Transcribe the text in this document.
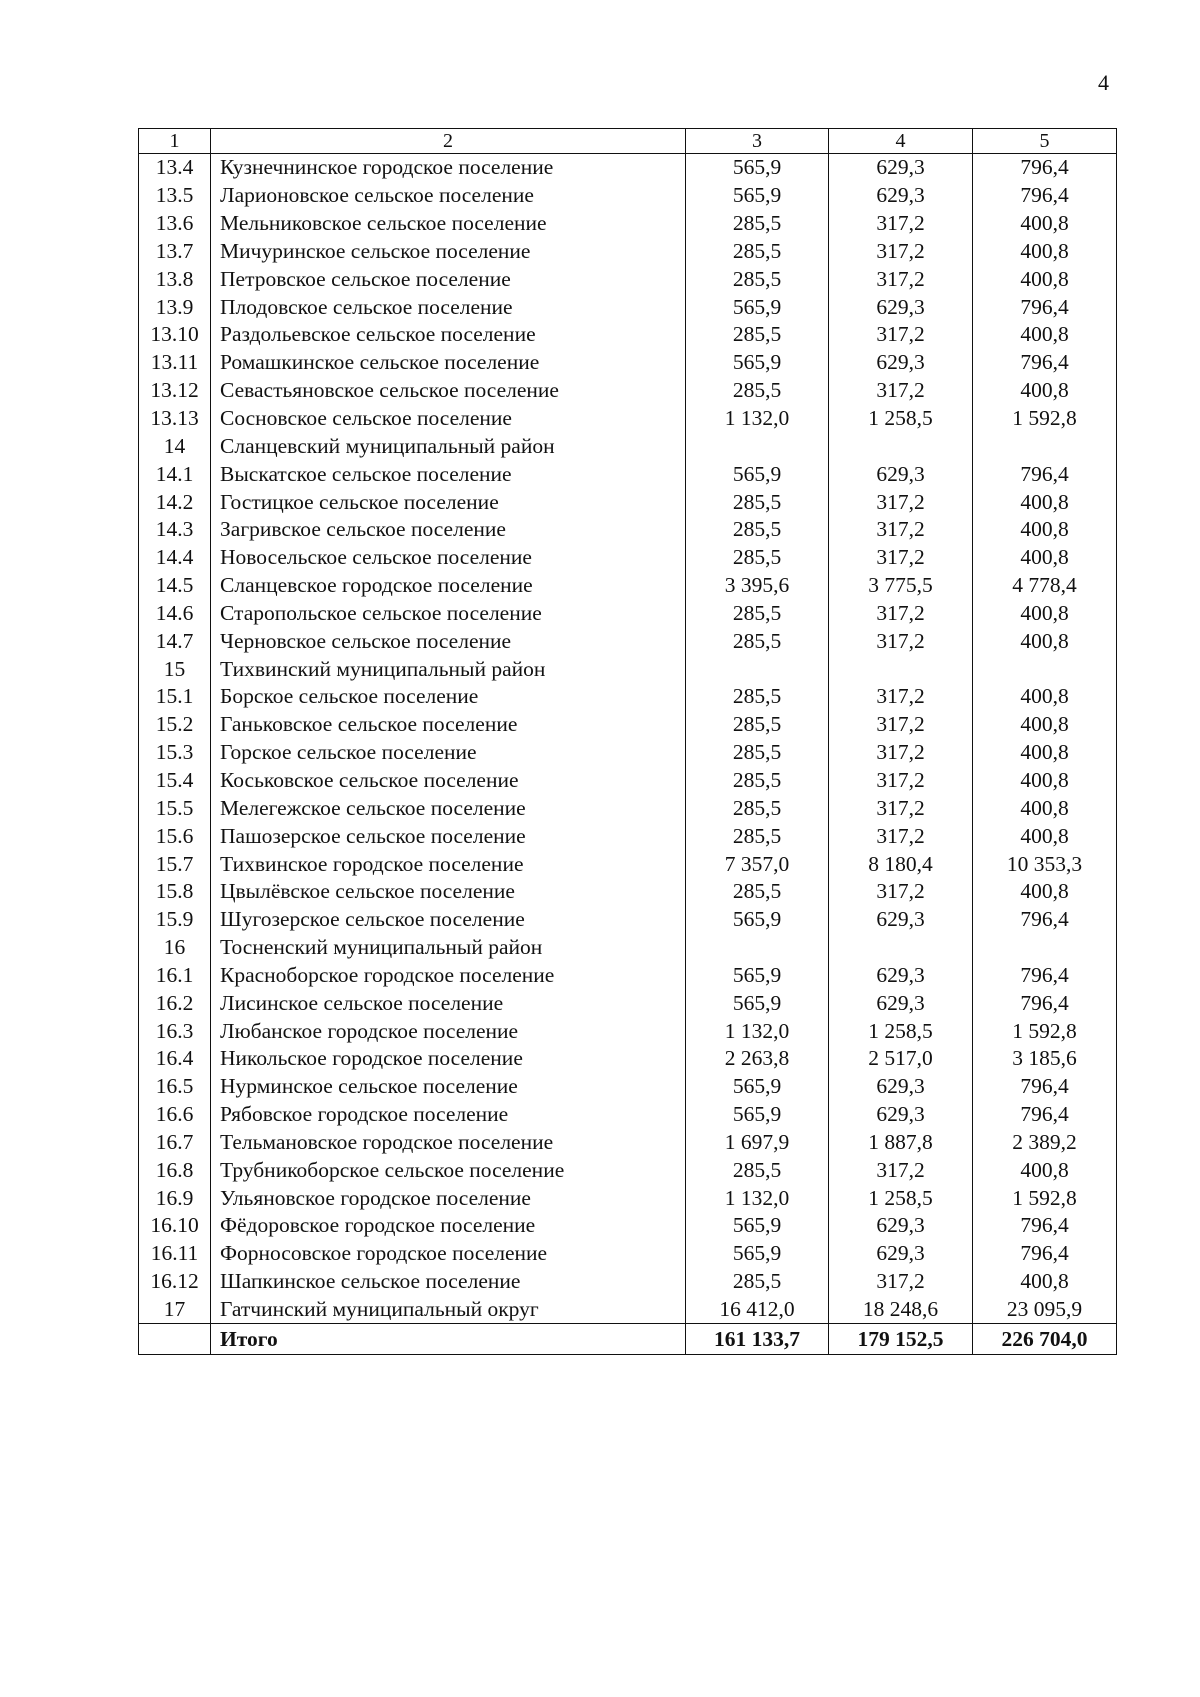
4
1	2	3	4	5
13.4	Кузнечнинское городское поселение	565,9	629,3	796,4
13.5	Ларионовское сельское поселение	565,9	629,3	796,4
13.6	Мельниковское сельское поселение	285,5	317,2	400,8
13.7	Мичуринское сельское поселение	285,5	317,2	400,8
13.8	Петровское сельское поселение	285,5	317,2	400,8
13.9	Плодовское сельское поселение	565,9	629,3	796,4
13.10	Раздольевское сельское поселение	285,5	317,2	400,8
13.11	Ромашкинское сельское поселение	565,9	629,3	796,4
13.12	Севастьяновское сельское поселение	285,5	317,2	400,8
13.13	Сосновское сельское поселение	1 132,0	1 258,5	1 592,8
14	Сланцевский муниципальный район			
14.1	Выскатское сельское поселение	565,9	629,3	796,4
14.2	Гостицкое сельское поселение	285,5	317,2	400,8
14.3	Загривское сельское поселение	285,5	317,2	400,8
14.4	Новосельское сельское поселение	285,5	317,2	400,8
14.5	Сланцевское городское поселение	3 395,6	3 775,5	4 778,4
14.6	Старопольское сельское поселение	285,5	317,2	400,8
14.7	Черновское сельское поселение	285,5	317,2	400,8
15	Тихвинский муниципальный район			
15.1	Борское сельское поселение	285,5	317,2	400,8
15.2	Ганьковское сельское поселение	285,5	317,2	400,8
15.3	Горское сельское поселение	285,5	317,2	400,8
15.4	Коськовское сельское поселение	285,5	317,2	400,8
15.5	Мелегежское сельское поселение	285,5	317,2	400,8
15.6	Пашозерское сельское поселение	285,5	317,2	400,8
15.7	Тихвинское городское поселение	7 357,0	8 180,4	10 353,3
15.8	Цвылёвское сельское поселение	285,5	317,2	400,8
15.9	Шугозерское сельское поселение	565,9	629,3	796,4
16	Тосненский муниципальный район			
16.1	Красноборское городское поселение	565,9	629,3	796,4
16.2	Лисинское сельское поселение	565,9	629,3	796,4
16.3	Любанское городское поселение	1 132,0	1 258,5	1 592,8
16.4	Никольское городское поселение	2 263,8	2 517,0	3 185,6
16.5	Нурминское сельское поселение	565,9	629,3	796,4
16.6	Рябовское городское поселение	565,9	629,3	796,4
16.7	Тельмановское городское поселение	1 697,9	1 887,8	2 389,2
16.8	Трубникоборское сельское поселение	285,5	317,2	400,8
16.9	Ульяновское городское поселение	1 132,0	1 258,5	1 592,8
16.10	Фёдоровское городское поселение	565,9	629,3	796,4
16.11	Форносовское городское поселение	565,9	629,3	796,4
16.12	Шапкинское сельское поселение	285,5	317,2	400,8
17	Гатчинский муниципальный округ	16 412,0	18 248,6	23 095,9
	Итого	161 133,7	179 152,5	226 704,0
